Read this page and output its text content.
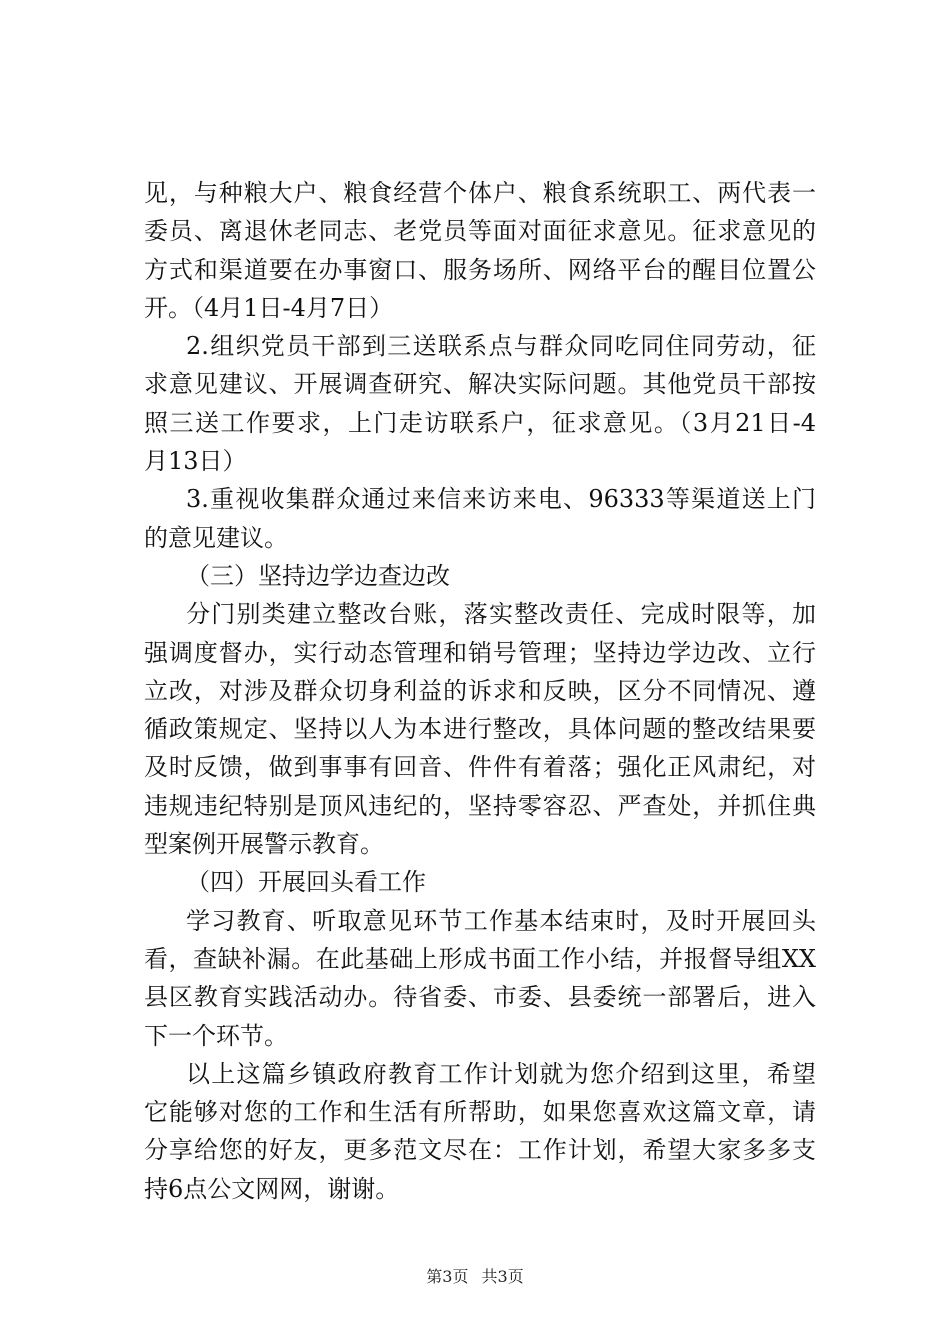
见，与种粮大户、粮食经营个体户、粮食系统职工、两代表一
委员、离退休老同志、老党员等面对面征求意见。征求意见的
方式和渠道要在办事窗口、服务场所、网络平台的醒目位置公
开。（4月1日-4月7日）
2.组织党员干部到三送联系点与群众同吃同住同劳动，征
求意见建议、开展调查研究、解决实际问题。其他党员干部按
照三送工作要求，上门走访联系户，征求意见。（3月21日-4
月13日）
3.重视收集群众通过来信来访来电、96333等渠道送上门
的意见建议。
（三）坚持边学边查边改
分门别类建立整改台账，落实整改责任、完成时限等，加
强调度督办，实行动态管理和销号管理；坚持边学边改、立行
立改，对涉及群众切身利益的诉求和反映，区分不同情况、遵
循政策规定、坚持以人为本进行整改，具体问题的整改结果要
及时反馈，做到事事有回音、件件有着落；强化正风肃纪，对
违规违纪特别是顶风违纪的，坚持零容忍、严查处，并抓住典
型案例开展警示教育。
（四）开展回头看工作
学习教育、听取意见环节工作基本结束时，及时开展回头
看，查缺补漏。在此基础上形成书面工作小结，并报督导组XX
县区教育实践活动办。待省委、市委、县委统一部署后，进入
下一个环节。
以上这篇乡镇政府教育工作计划就为您介绍到这里，希望
它能够对您的工作和生活有所帮助，如果您喜欢这篇文章，请
分享给您的好友，更多范文尽在：工作计划，希望大家多多支
持6点公文网网，谢谢。
第3页 共3页
